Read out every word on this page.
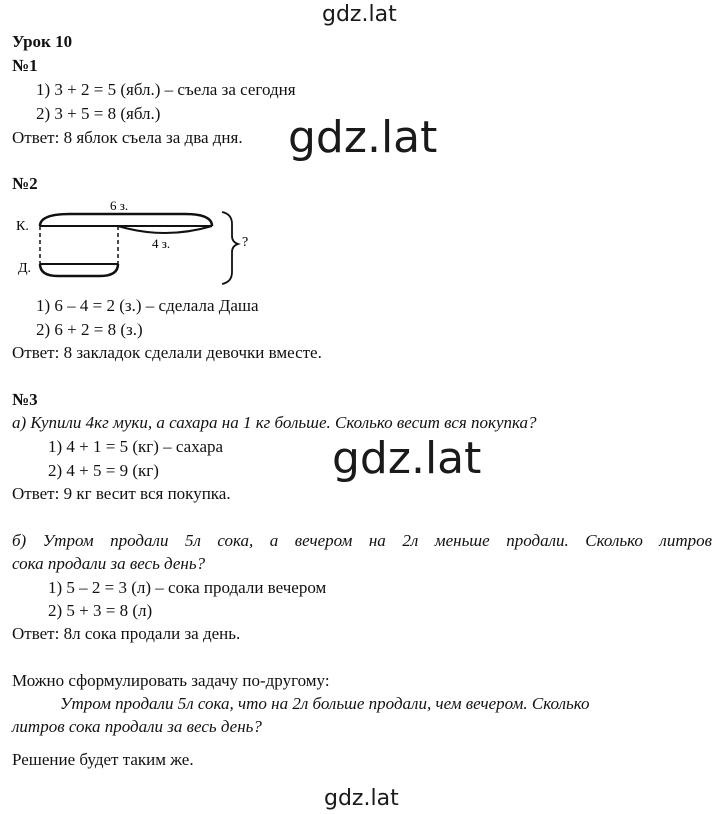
gdz.lat
gdz.lat
gdz.lat
gdz.lat
Урок 10
№1
1) 3 + 2 = 5 (ябл.) – съела за сегодня
2) 3 + 5 = 8 (ябл.)
Ответ: 8 яблок съела за два дня.
№2
К.
Д.
6 з.
4 з.	?
1) 6 – 4 = 2 (з.) – сделала Даша
2) 6 + 2 = 8 (з.)
Ответ: 8 закладок сделали девочки вместе.
№3
а) Купили 4кг муки, а сахара на 1 кг больше. Сколько весит вся покупка?
1) 4 + 1 = 5 (кг) – сахара
2) 4 + 5 = 9 (кг)
Ответ: 9 кг весит вся покупка.
б) Утром продали 5л сока, а вечером на 2л меньше продали. Сколько литров
сока продали за весь день?
1) 5 – 2 = 3 (л) – сока продали вечером
2) 5 + 3 = 8 (л)
Ответ: 8л сока продали за день.
Можно сформулировать задачу по-другому:
Утром продали 5л сока, что на 2л больше продали, чем вечером. Сколько
литров сока продали за весь день?
Решение будет таким же.
